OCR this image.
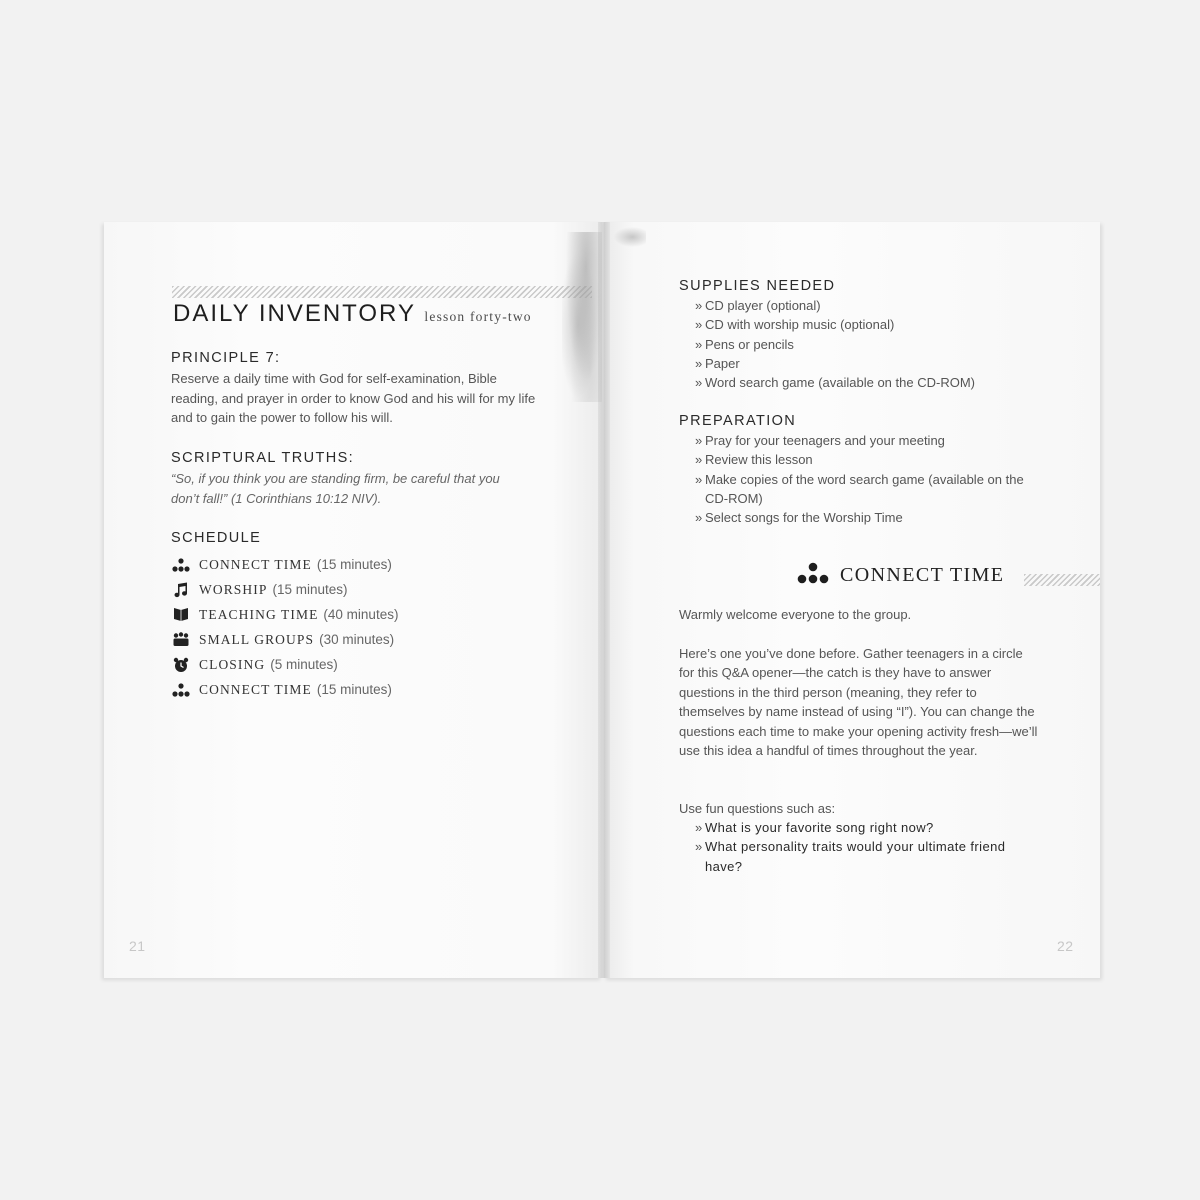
DAILY INVENTORY lesson forty-two
PRINCIPLE 7:
Reserve a daily time with God for self-examination, Bible reading, and prayer in order to know God and his will for my life and to gain the power to follow his will.
SCRIPTURAL TRUTHS:
“So, if you think you are standing firm, be careful that you don’t fall!” (1 Corinthians 10:12 NIV).
SCHEDULE
CONNECT TIME (15 minutes)
WORSHIP (15 minutes)
TEACHING TIME (40 minutes)
SMALL GROUPS (30 minutes)
CLOSING (5 minutes)
CONNECT TIME (15 minutes)
21
SUPPLIES NEEDED
» CD player (optional)
» CD with worship music (optional)
» Pens or pencils
» Paper
» Word search game (available on the CD-ROM)
PREPARATION
» Pray for your teenagers and your meeting
» Review this lesson
» Make copies of the word search game (available on the CD-ROM)
» Select songs for the Worship Time
CONNECT TIME
Warmly welcome everyone to the group.
Here’s one you’ve done before. Gather teenagers in a circle for this Q&A opener—the catch is they have to answer questions in the third person (meaning, they refer to themselves by name instead of using “I”). You can change the questions each time to make your opening activity fresh—we’ll use this idea a handful of times throughout the year.
Use fun questions such as:
» What is your favorite song right now?
» What personality traits would your ultimate friend have?
22
